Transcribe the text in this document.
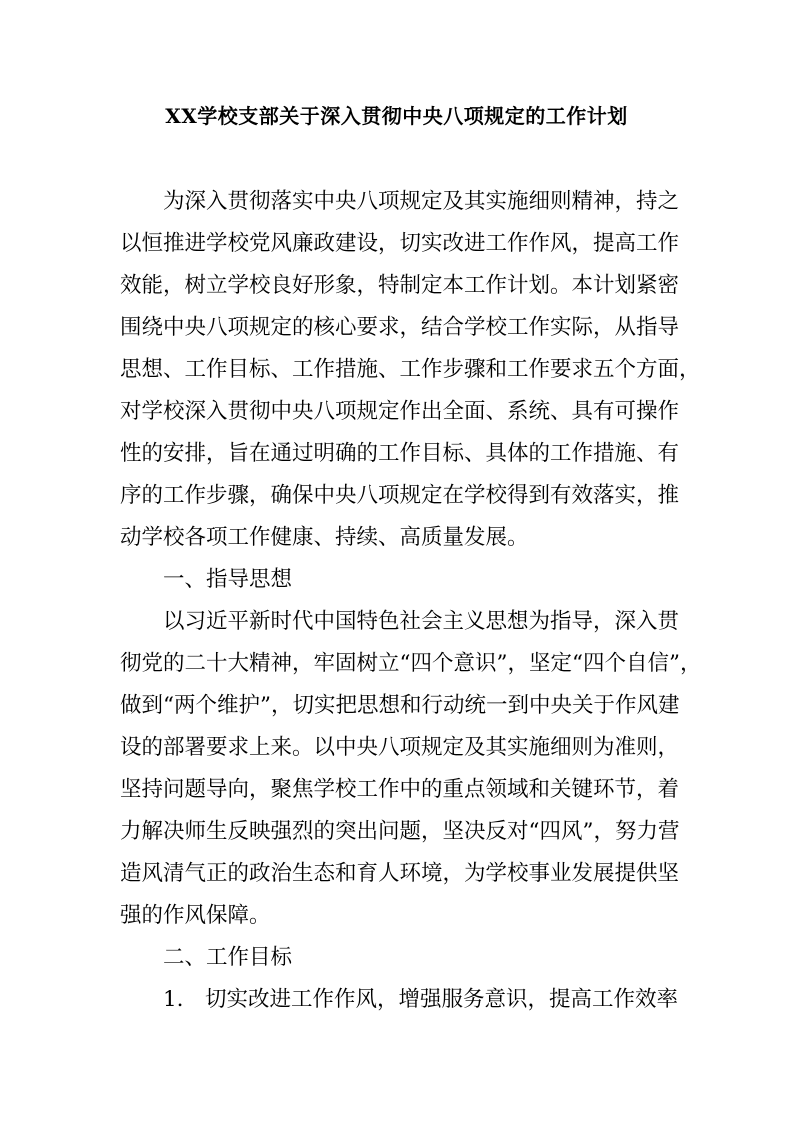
XX学校支部关于深入贯彻中央八项规定的工作计划
为深入贯彻落实中央八项规定及其实施细则精神，持之
以恒推进学校党风廉政建设，切实改进工作作风，提高工作
效能，树立学校良好形象，特制定本工作计划。本计划紧密
围绕中央八项规定的核心要求，结合学校工作实际，从指导
思想、工作目标、工作措施、工作步骤和工作要求五个方面，
对学校深入贯彻中央八项规定作出全面、系统、具有可操作
性的安排，旨在通过明确的工作目标、具体的工作措施、有
序的工作步骤，确保中央八项规定在学校得到有效落实，推
动学校各项工作健康、持续、高质量发展。
一、指导思想
以习近平新时代中国特色社会主义思想为指导，深入贯
彻党的二十大精神，牢固树立“四个意识”，坚定“四个自信”，
做到“两个维护”，切实把思想和行动统一到中央关于作风建
设的部署要求上来。以中央八项规定及其实施细则为准则，
坚持问题导向，聚焦学校工作中的重点领域和关键环节，着
力解决师生反映强烈的突出问题，坚决反对“四风”，努力营
造风清气正的政治生态和育人环境，为学校事业发展提供坚
强的作风保障。
二、工作目标
1. 切实改进工作作风，增强服务意识，提高工作效率
